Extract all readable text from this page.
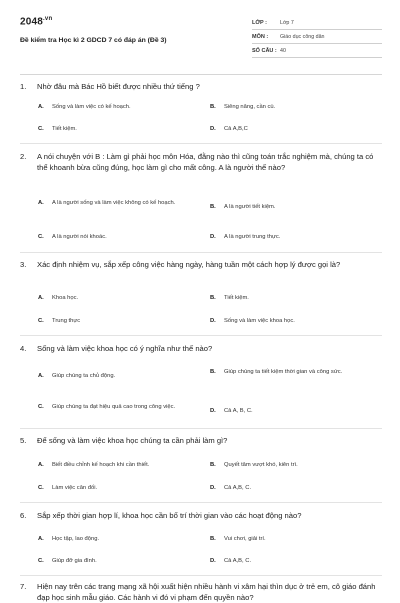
$2048^{.vn}$
Đề kiểm tra Học kì 2 GDCD 7 có đáp án (Đề 3)
LỚP :	Lớp 7
MÔN :	Giáo dục công dân
SỐ CÂU : 40
1.	Nhờ đâu mà Bác Hồ biết được nhiều thứ tiếng ?
A.	Sống và làm việc có kế hoạch.	B.	Siêng năng, cần cù.
C.	Tiết kiệm.	D.	Cả A,B,C
2.	A nói chuyện với B : Làm gì phải học môn Hóa, đằng nào thì cũng toán trắc nghiệm mà, chúng ta có thể khoanh bừa cũng đúng, học làm gì cho mất công. A là người thế nào?
A.	A là người sống và làm việc không có kế hoạch.
B.	A là người tiết kiệm.
C.	A là người nói khoác.	D.	A là người trung thực.
3.	Xác định nhiệm vụ, sắp xếp công việc hàng ngày, hàng tuần một cách hợp lý được gọi là?
A.	Khoa học.	B.	Tiết kiệm.
C.	Trung thực	D.	Sống và làm việc khoa học.
4.	Sống và làm việc khoa học có ý nghĩa như thế nào?
A.	Giúp chúng ta chủ động.
B.	Giúp chúng ta tiết kiệm thời gian và công sức.
C.	Giúp chúng ta đạt hiệu quả cao trong công việc.
D.	Cả A, B, C.
5.	Để sống và làm việc khoa học chúng ta cần phải làm gì?
A.	Biết điều chỉnh kế hoạch khi cần thiết.	B.	Quyết tâm vượt khó, kiên trì.
C.	Làm việc cân đối.	D.	Cả A,B, C.
6.	Sắp xếp thời gian hợp lí, khoa học cần bố trí thời gian vào các hoạt động nào?
A.	Học tập, lao động.	B.	Vui chơi, giải trí.
C.	Giúp đỡ gia đình.	D.	Cả A,B, C.
7.	Hiện nay trên các trang mạng xã hội xuất hiện nhiều hành vi xâm hại thìn dục ở trẻ em, cô giáo đánh đạp học sinh mẫu giáo. Các hành vi đó vi phạm đến quyền nào?
